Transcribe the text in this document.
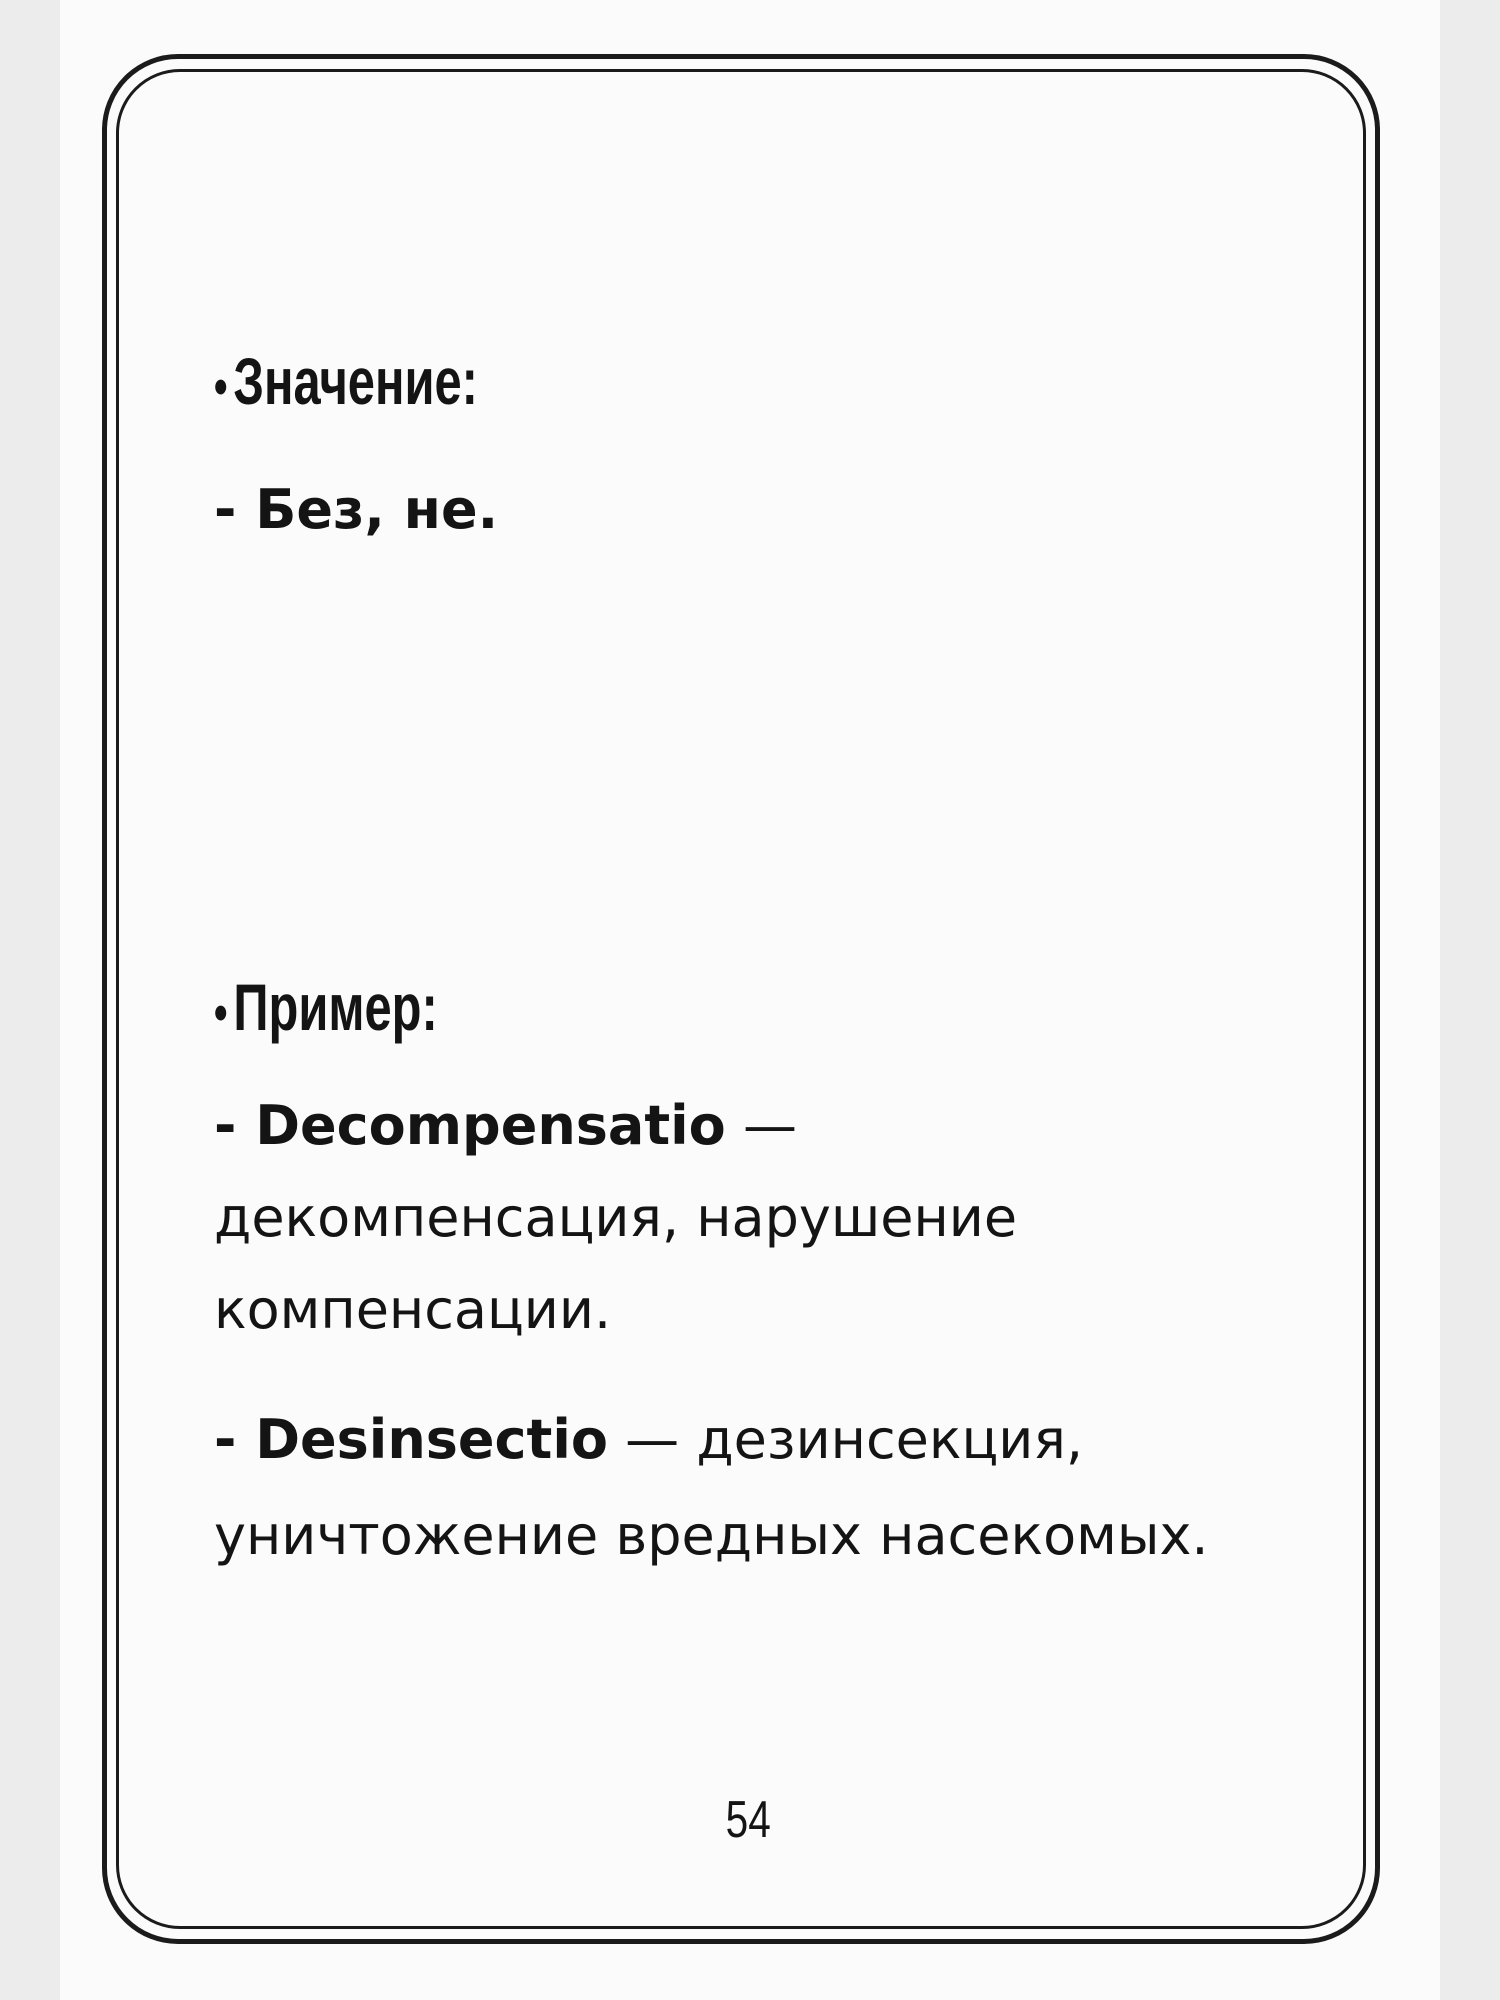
•Значение:

- Без, не.

•Пример:

- Decompensatio —

декомпенсация, нарушение

компенсации.

- Desinsectio — дезинсекция,

уничтожение вредных насекомых.

54
